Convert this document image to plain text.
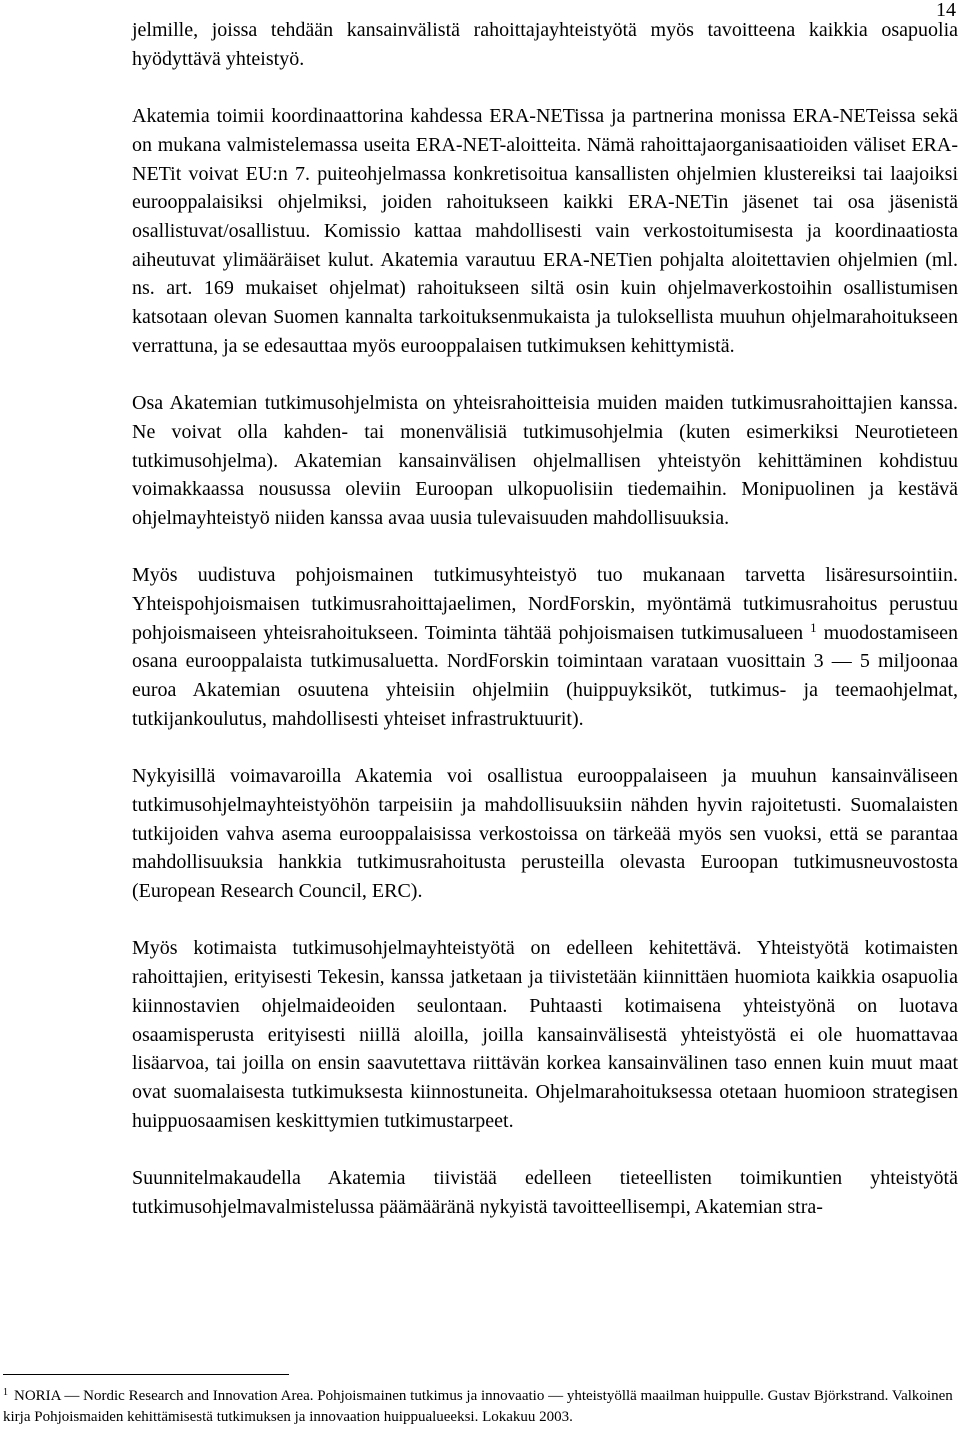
14

jelmille, joissa tehdään kansainvälistä rahoittajayhteistyötä myös tavoitteena kaikkia osapuolia hyödyttävä yhteistyö.

Akatemia toimii koordinaattorina kahdessa ERA-NETissa ja partnerina monissa ERA-NETeissa sekä on mukana valmistelemassa useita ERA-NET-aloitteita. Nämä rahoittajaorganisaatioiden väliset ERA-NETit voivat EU:n 7. puiteohjelmassa konkretisoitua kansallisten ohjelmien klustereiksi tai laajoiksi eurooppalaisiksi ohjelmiksi, joiden rahoitukseen kaikki ERA-NETin jäsenet tai osa jäsenistä osallistuvat/osallistuu. Komissio kattaa mahdollisesti vain verkostoitumisesta ja koordinaatiosta aiheutuvat ylimääräiset kulut. Akatemia varautuu ERA-NETien pohjalta aloitettavien ohjelmien (ml. ns. art. 169 mukaiset ohjelmat) rahoitukseen siltä osin kuin ohjelmaverkostoihin osallistumisen katsotaan olevan Suomen kannalta tarkoituksenmukaista ja tuloksellista muuhun ohjelmarahoitukseen verrattuna, ja se edesauttaa myös eurooppalaisen tutkimuksen kehittymistä.

Osa Akatemian tutkimusohjelmista on yhteisrahoitteisia muiden maiden tutkimusrahoittajien kanssa. Ne voivat olla kahden- tai monenvälisiä tutkimusohjelmia (kuten esimerkiksi Neurotieteen tutkimusohjelma). Akatemian kansainvälisen ohjelmallisen yhteistyön kehittäminen kohdistuu voimakkaassa nousussa oleviin Euroopan ulkopuolisiin tiedemaihin. Monipuolinen ja kestävä ohjelmayhteistyö niiden kanssa avaa uusia tulevaisuuden mahdollisuuksia.

Myös uudistuva pohjoismainen tutkimusyhteistyö tuo mukanaan tarvetta lisäresursointiin. Yhteispohjoismaisen tutkimusrahoittajaelimen, NordForskin, myöntämä tutkimusrahoitus perustuu pohjoismaiseen yhteisrahoitukseen. Toiminta tähtää pohjoismaisen tutkimusalueen $^1$ muodostamiseen osana eurooppalaista tutkimusaluetta. NordForskin toimintaan varataan vuosittain 3 — 5 miljoonaa euroa Akatemian osuutena yhteisiin ohjelmiin (huippuyksiköt, tutkimus- ja teemaohjelmat, tutkijankoulutus, mahdollisesti yhteiset infrastruktuurit).

Nykyisillä voimavaroilla Akatemia voi osallistua eurooppalaiseen ja muuhun kansainväliseen tutkimusohjelmayhteistyöhön tarpeisiin ja mahdollisuuksiin nähden hyvin rajoitetusti. Suomalaisten tutkijoiden vahva asema eurooppalaisissa verkostoissa on tärkeää myös sen vuoksi, että se parantaa mahdollisuuksia hankkia tutkimusrahoitusta perusteilla olevasta Euroopan tutkimusneuvostosta (European Research Council, ERC).

Myös kotimaista tutkimusohjelmayhteistyötä on edelleen kehitettävä. Yhteistyötä kotimaisten rahoittajien, erityisesti Tekesin, kanssa jatketaan ja tiivistetään kiinnittäen huomiota kaikkia osapuolia kiinnostavien ohjelmaideoiden seulontaan. Puhtaasti kotimaisena yhteistyönä on luotava osaamisperusta erityisesti niillä aloilla, joilla kansainvälisestä yhteistyöstä ei ole huomattavaa lisäarvoa, tai joilla on ensin saavutettava riittävän korkea kansainvälinen taso ennen kuin muut maat ovat suomalaisesta tutkimuksesta kiinnostuneita. Ohjelmarahoituksessa otetaan huomioon strategisen huippuosaamisen keskittymien tutkimustarpeet.

Suunnitelmakaudella Akatemia tiivistää edelleen tieteellisten toimikuntien yhteistyötä tutkimusohjelmavalmistelussa päämääränä nykyistä tavoitteellisempi, Akatemian stra-

$^1$ NORIA — Nordic Research and Innovation Area. Pohjoismainen tutkimus ja innovaatio — yhteistyöllä maailman huippulle. Gustav Björkstrand. Valkoinen kirja Pohjoismaiden kehittämisestä tutkimuksen ja innovaation huippualueeksi. Lokakuu 2003.
